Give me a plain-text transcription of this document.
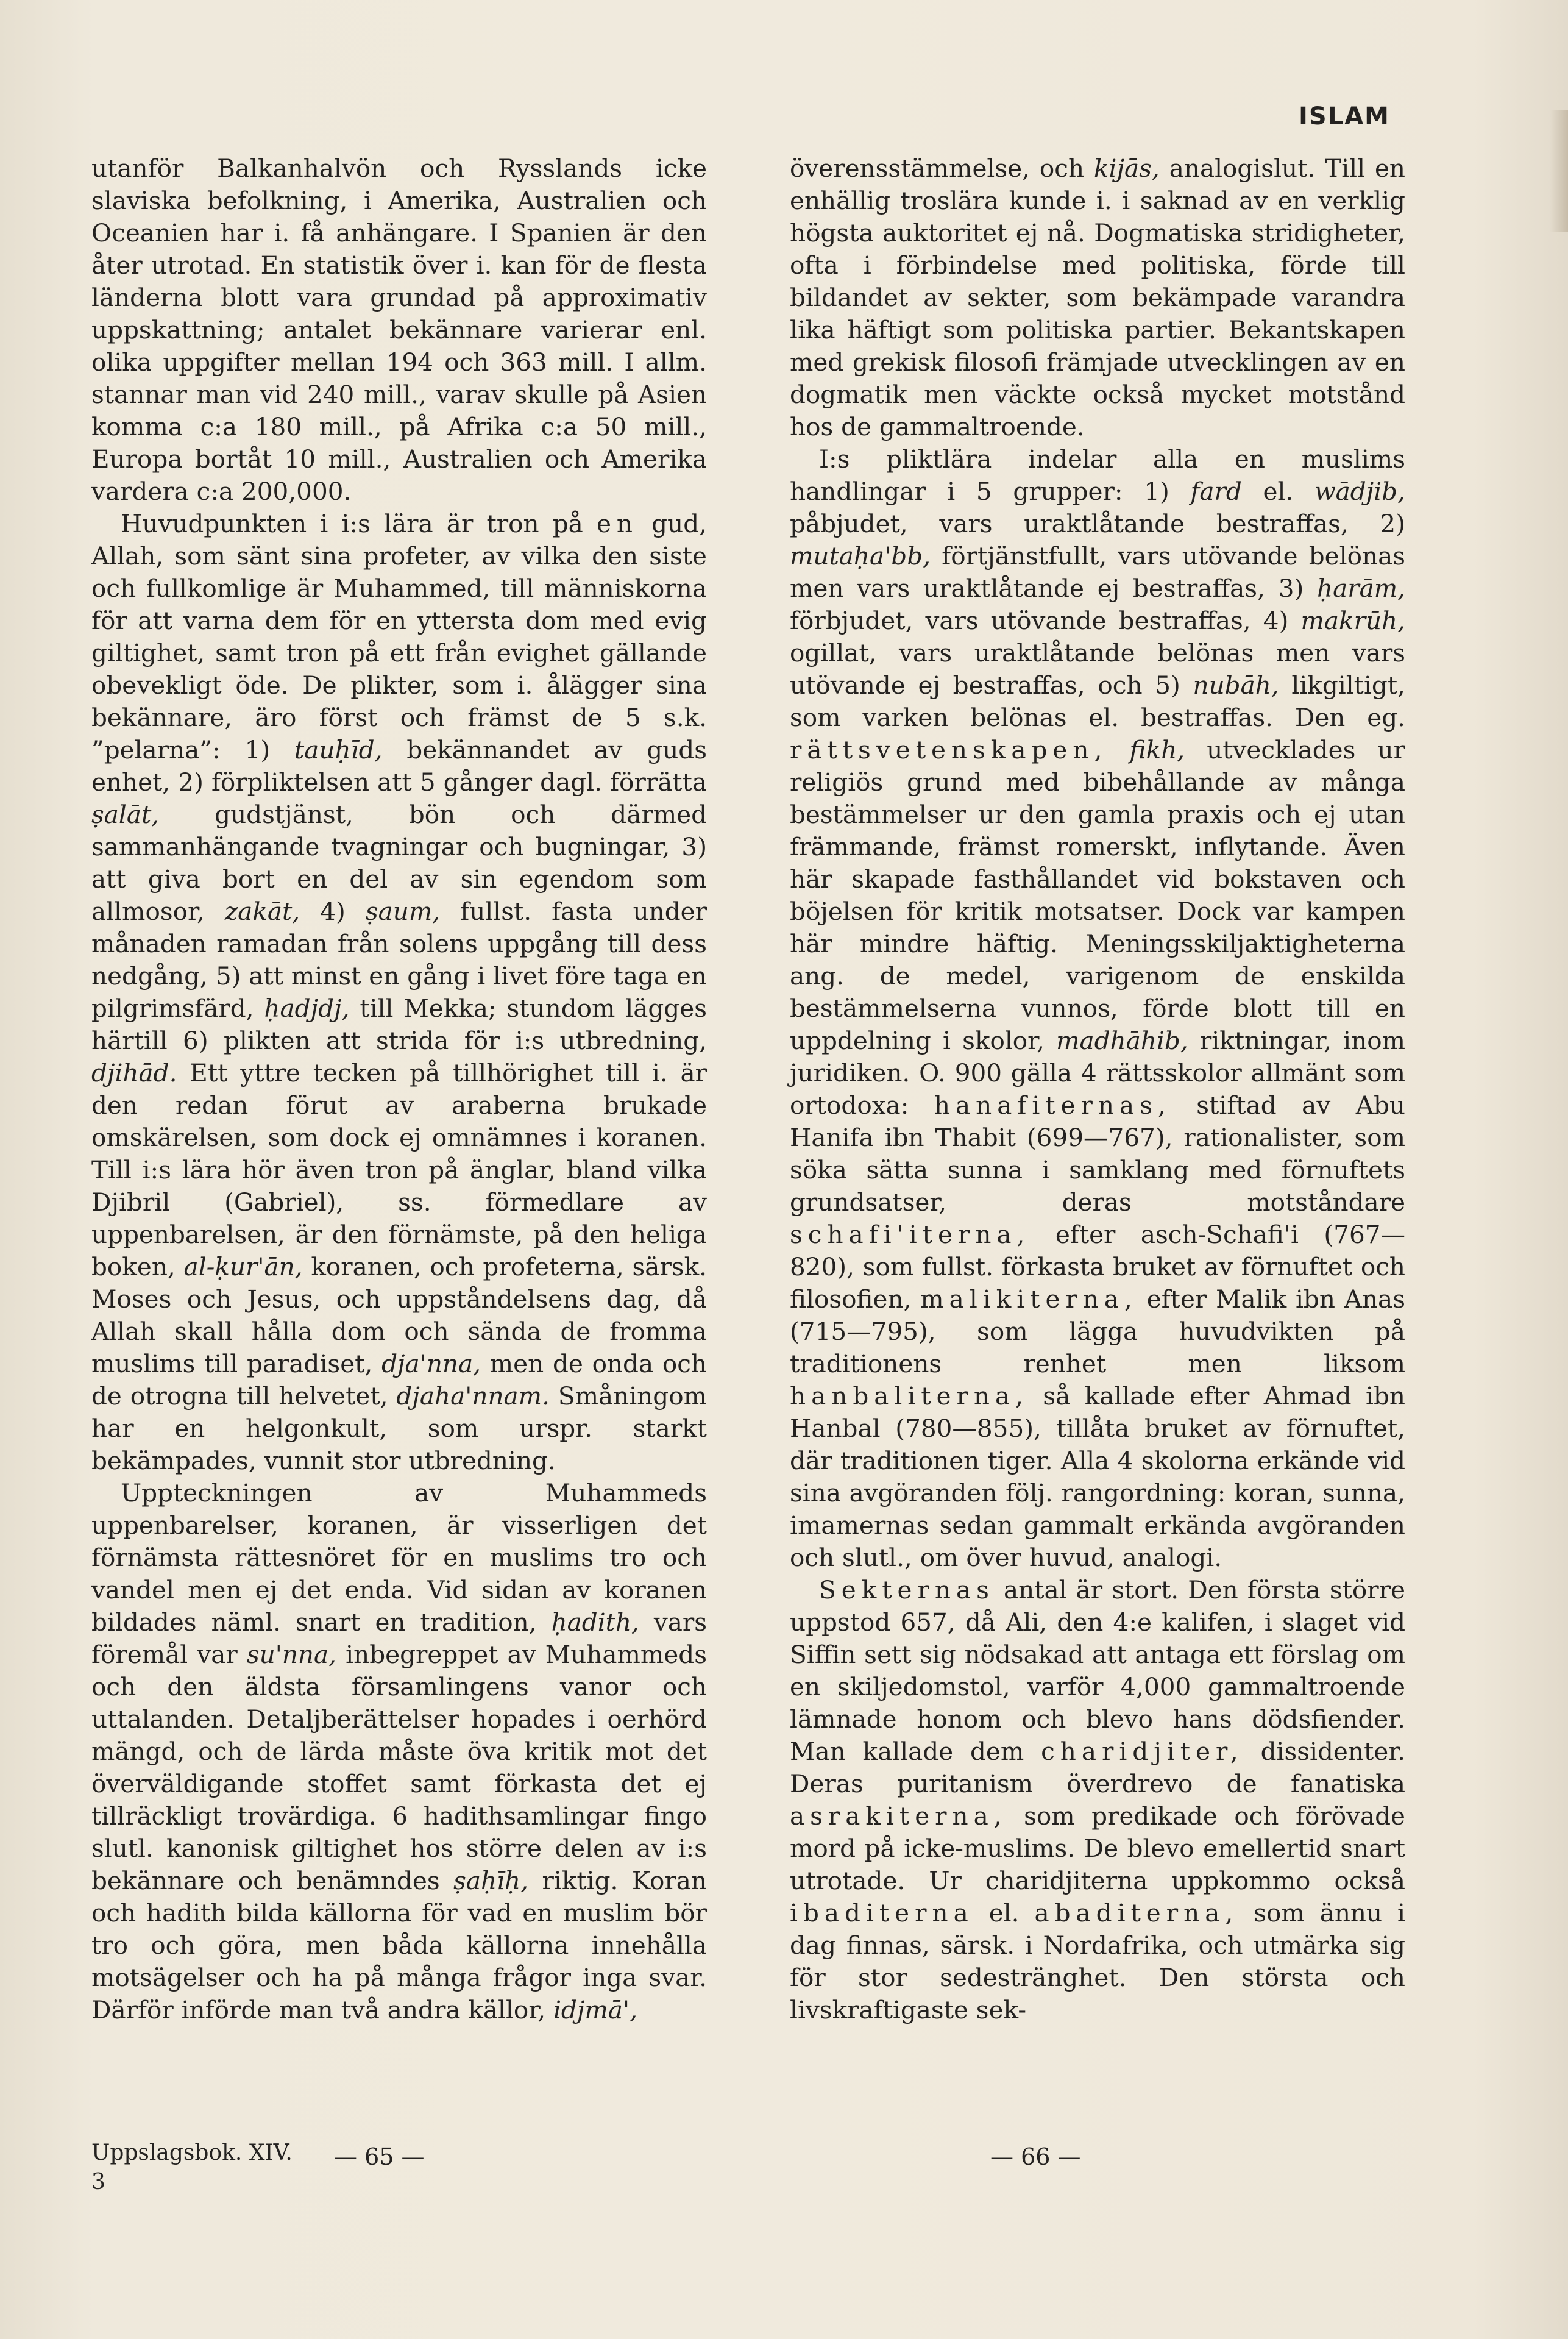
ISLAM

utanför Balkanhalvön och Rysslands icke slaviska befolkning, i Amerika, Australien och Oceanien har i. få anhängare. I Spanien är den åter utrotad. En statistik över i. kan för de flesta länderna blott vara grundad på approximativ uppskattning; antalet bekännare varierar enl. olika uppgifter mellan 194 och 363 mill. I allm. stannar man vid 240 mill., varav skulle på Asien komma c:a 180 mill., på Afrika c:a 50 mill., Europa bortåt 10 mill., Australien och Amerika vardera c:a 200,000.

Huvudpunkten i i:s lära är tron på en gud, Allah, som sänt sina profeter, av vilka den siste och fullkomlige är Muhammed, till människorna för att varna dem för en yttersta dom med evig giltighet, samt tron på ett från evighet gällande obevekligt öde. De plikter, som i. ålägger sina bekännare, äro först och främst de 5 s.k. ”pelarna”: 1) tauḥīd, bekännandet av guds enhet, 2) förpliktelsen att 5 gånger dagl. förrätta ṣalāt, gudstjänst, bön och därmed sammanhängande tvagningar och bugningar, 3) att giva bort en del av sin egendom som allmosor, zakāt, 4) ṣaum, fullst. fasta under månaden ramadan från solens uppgång till dess nedgång, 5) att minst en gång i livet före taga en pilgrimsfärd, ḥadjdj, till Mekka; stundom lägges härtill 6) plikten att strida för i:s utbredning, djihād. Ett yttre tecken på tillhörighet till i. är den redan förut av araberna brukade omskärelsen, som dock ej omnämnes i koranen. Till i:s lära hör även tron på änglar, bland vilka Djibril (Gabriel), ss. förmedlare av uppenbarelsen, är den förnämste, på den heliga boken, al-ḳur'ān, koranen, och profeterna, särsk. Moses och Jesus, och uppståndelsens dag, då Allah skall hålla dom och sända de fromma muslims till paradiset, dja'nna, men de onda och de otrogna till helvetet, djaha'nnam. Småningom har en helgonkult, som urspr. starkt bekämpades, vunnit stor utbredning.

Uppteckningen av Muhammeds uppenbarelser, koranen, är visserligen det förnämsta rättesnöret för en muslims tro och vandel men ej det enda. Vid sidan av koranen bildades näml. snart en tradition, ḥadith, vars föremål var su'nna, inbegreppet av Muhammeds och den äldsta församlingens vanor och uttalanden. Detaljberättelser hopades i oerhörd mängd, och de lärda måste öva kritik mot det överväldigande stoffet samt förkasta det ej tillräckligt trovärdiga. 6 hadithsamlingar fingo slutl. kanonisk giltighet hos större delen av i:s bekännare och benämndes ṣaḥīḥ, riktig. Koran och hadith bilda källorna för vad en muslim bör tro och göra, men båda källorna innehålla motsägelser och ha på många frågor inga svar. Därför införde man två andra källor, idjmā',

överensstämmelse, och kijās, analogislut. Till en enhällig troslära kunde i. i saknad av en verklig högsta auktoritet ej nå. Dogmatiska stridigheter, ofta i förbindelse med politiska, förde till bildandet av sekter, som bekämpade varandra lika häftigt som politiska partier. Bekantskapen med grekisk filosofi främjade utvecklingen av en dogmatik men väckte också mycket motstånd hos de gammaltroende.

I:s pliktlära indelar alla en muslims handlingar i 5 grupper: 1) fard el. wādjib, påbjudet, vars uraktlåtande bestraffas, 2) mutaḥa'bb, förtjänstfullt, vars utövande belönas men vars uraktlåtande ej bestraffas, 3) ḥarām, förbjudet, vars utövande bestraffas, 4) makrūh, ogillat, vars uraktlåtande belönas men vars utövande ej bestraffas, och 5) nubāh, likgiltigt, som varken belönas el. bestraffas. Den eg. rättsvetenskapen, fikh, utvecklades ur religiös grund med bibehållande av många bestämmelser ur den gamla praxis och ej utan främmande, främst romerskt, inflytande. Även här skapade fasthållandet vid bokstaven och böjelsen för kritik motsatser. Dock var kampen här mindre häftig. Meningsskiljaktigheterna ang. de medel, varigenom de enskilda bestämmelserna vunnos, förde blott till en uppdelning i skolor, madhāhib, riktningar, inom juridiken. O. 900 gälla 4 rättsskolor allmänt som ortodoxa: hanafiternas, stiftad av Abu Hanifa ibn Thabit (699—767), rationalister, som söka sätta sunna i samklang med förnuftets grundsatser, deras motståndare schafi'iterna, efter asch-Schafi'i (767—820), som fullst. förkasta bruket av förnuftet och filosofien, malikiterna, efter Malik ibn Anas (715—795), som lägga huvudvikten på traditionens renhet men liksom hanbaliterna, så kallade efter Ahmad ibn Hanbal (780—855), tillåta bruket av förnuftet, där traditionen tiger. Alla 4 skolorna erkände vid sina avgöranden följ. rangordning: koran, sunna, imamernas sedan gammalt erkända avgöranden och slutl., om över huvud, analogi.

Sekternas antal är stort. Den första större uppstod 657, då Ali, den 4:e kalifen, i slaget vid Siffin sett sig nödsakad att antaga ett förslag om en skiljedomstol, varför 4,000 gammaltroende lämnade honom och blevo hans dödsfiender. Man kallade dem charidjiter, dissidenter. Deras puritanism överdrevo de fanatiska asrakiterna, som predikade och förövade mord på icke-muslims. De blevo emellertid snart utrotade. Ur charidjiterna uppkommo också ibaditerna el. abaditerna, som ännu i dag finnas, särsk. i Nordafrika, och utmärka sig för stor sedestränghet. Den största och livskraftigaste sek-

Uppslagsbok. XIV.
3
— 65 —	— 66 —
